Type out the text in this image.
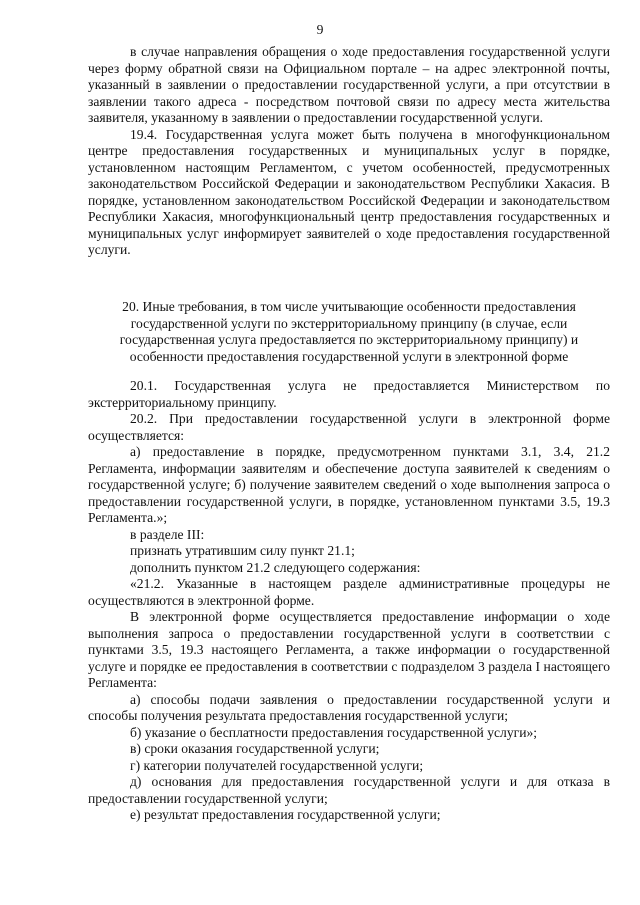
9

в случае направления обращения о ходе предоставления государственной услуги через форму обратной связи на Официальном портале – на адрес электронной почты, указанный в заявлении о предоставлении государственной услуги, а при отсутствии в заявлении такого адреса - посредством почтовой связи по адресу места жительства заявителя, указанному в заявлении о предоставлении государственной услуги.

19.4. Государственная услуга может быть получена в многофункциональном центре предоставления государственных и муниципальных услуг в порядке, установленном настоящим Регламентом, с учетом особенностей, предусмотренных законодательством Российской Федерации и законодательством Республики Хакасия. В порядке, установленном законодательством Российской Федерации и законодательством Республики Хакасия, многофункциональный центр предоставления государственных и муниципальных услуг информирует заявителей о ходе предоставления государственной услуги.

20. Иные требования, в том числе учитывающие особенности предоставления государственной услуги по экстерриториальному принципу (в случае, если государственная услуга предоставляется по экстерриториальному принципу) и особенности предоставления государственной услуги в электронной форме

20.1. Государственная услуга не предоставляется Министерством по экстерриториальному принципу.

20.2. При предоставлении государственной услуги в электронной форме осуществляется:

а) предоставление в порядке, предусмотренном пунктами 3.1, 3.4, 21.2 Регламента, информации заявителям и обеспечение доступа заявителей к сведениям о государственной услуге; б) получение заявителем сведений о ходе выполнения запроса о предоставлении государственной услуги, в порядке, установленном пунктами 3.5, 19.3 Регламента.»;

в разделе III:

признать утратившим силу пункт 21.1;

дополнить пунктом 21.2 следующего содержания:

«21.2. Указанные в настоящем разделе административные процедуры не осуществляются в электронной форме.

В электронной форме осуществляется предоставление информации о ходе выполнения запроса о предоставлении государственной услуги в соответствии с пунктами 3.5, 19.3 настоящего Регламента, а также информации о государственной услуге и порядке ее предоставления в соответствии с подразделом 3 раздела I настоящего Регламента:

а) способы подачи заявления о предоставлении государственной услуги и способы получения результата предоставления государственной услуги;

б) указание о бесплатности предоставления государственной услуги»;

в) сроки оказания государственной услуги;

г) категории получателей государственной услуги;

д) основания для предоставления государственной услуги и для отказа в предоставлении государственной услуги;

е) результат предоставления государственной услуги;
